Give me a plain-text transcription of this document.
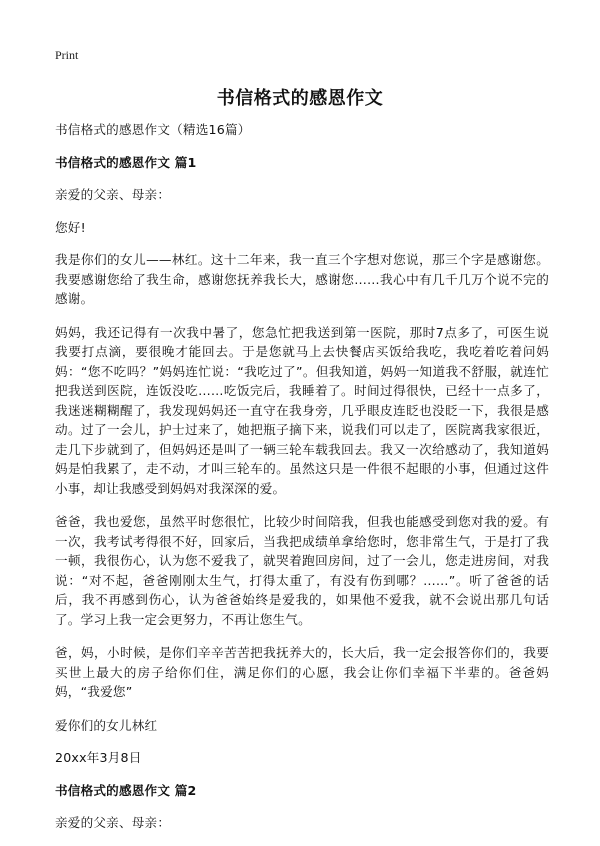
Print
书信格式的感恩作文

书信格式的感恩作文（精选16篇）

书信格式的感恩作文 篇1

亲爱的父亲、母亲：

您好!

我是你们的女儿——林红。这十二年来，我一直三个字想对您说，那三个字是感谢您。我要感谢您给了我生命，感谢您抚养我长大，感谢您……我心中有几千几万个说不完的感谢。

妈妈，我还记得有一次我中暑了，您急忙把我送到第一医院，那时7点多了，可医生说我要打点滴，要很晚才能回去。于是您就马上去快餐店买饭给我吃，我吃着吃着问妈妈：“您不吃吗？”妈妈连忙说：“我吃过了”。但我知道，妈妈一知道我不舒服，就连忙把我送到医院，连饭没吃……吃饭完后，我睡着了。时间过得很快，已经十一点多了，我迷迷糊糊醒了，我发现妈妈还一直守在我身旁，几乎眼皮连眨也没眨一下，我很是感动。过了一会儿，护士过来了，她把瓶子摘下来，说我们可以走了，医院离我家很近，走几下步就到了，但妈妈还是叫了一辆三轮车载我回去。我又一次给感动了，我知道妈妈是怕我累了，走不动，才叫三轮车的。虽然这只是一件很不起眼的小事，但通过这件小事，却让我感受到妈妈对我深深的爱。

爸爸，我也爱您，虽然平时您很忙，比较少时间陪我，但我也能感受到您对我的爱。有一次，我考试考得很不好，回家后，当我把成绩单拿给您时，您非常生气，于是打了我一顿，我很伤心，认为您不爱我了，就哭着跑回房间，过了一会儿，您走进房间，对我说：“对不起，爸爸刚刚太生气，打得太重了，有没有伤到哪？……”。听了爸爸的话后，我不再感到伤心，认为爸爸始终是爱我的，如果他不爱我，就不会说出那几句话了。学习上我一定会更努力，不再让您生气。

爸，妈，小时候，是你们辛辛苦苦把我抚养大的，长大后，我一定会报答你们的，我要买世上最大的房子给你们住，满足你们的心愿，我会让你们幸福下半辈的。爸爸妈妈，“我爱您”

爱你们的女儿林红

20xx年3月8日

书信格式的感恩作文 篇2

亲爱的父亲、母亲：
